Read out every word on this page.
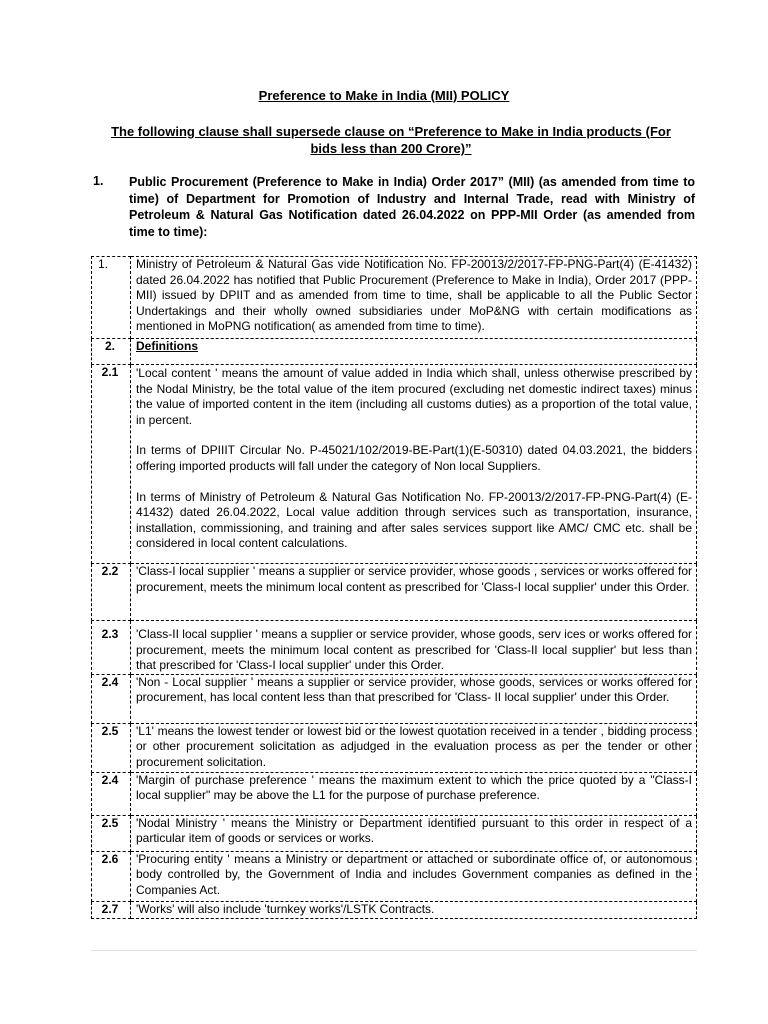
Preference to Make in India (MII) POLICY
The following clause shall supersede clause on “Preference to Make in India products (For bids less than 200 Crore)”
1. Public Procurement (Preference to Make in India) Order 2017” (MII) (as amended from time to time) of Department for Promotion of Industry and Internal Trade, read with Ministry of Petroleum & Natural Gas Notification dated 26.04.2022 on PPP-MII Order (as amended from time to time):
1.	Ministry of Petroleum & Natural Gas vide Notification No. FP-20013/2/2017-FP-PNG-Part(4) (E-41432) dated 26.04.2022 has notified that Public Procurement (Preference to Make in India), Order 2017 (PPP-MII) issued by DPIIT and as amended from time to time, shall be applicable to all the Public Sector Undertakings and their wholly owned subsidiaries under MoP&NG with certain modifications as mentioned in MoPNG notification( as amended from time to time).
2.	Definitions
2.1	'Local content ' means the amount of value added in India which shall, unless otherwise prescribed by the Nodal Ministry, be the total value of the item procured (excluding net domestic indirect taxes) minus the value of imported content in the item (including all customs duties) as a proportion of the total value, in percent.
In terms of DPIIIT Circular No. P-45021/102/2019-BE-Part(1)(E-50310) dated 04.03.2021, the bidders offering imported products will fall under the category of Non local Suppliers.
In terms of Ministry of Petroleum & Natural Gas Notification No. FP-20013/2/2017-FP-PNG-Part(4) (E-41432) dated 26.04.2022, Local value addition through services such as transportation, insurance, installation, commissioning, and training and after sales services support like AMC/ CMC etc. shall be considered in local content calculations.

2.2	'Class-I local supplier ' means a supplier or service provider, whose goods , services or works offered for procurement, meets the minimum local content as prescribed for 'Class-I local supplier' under this Order.
2.3	'Class-II local supplier ' means a supplier or service provider, whose goods, serv ices or works offered for procurement, meets the minimum local content as prescribed for 'Class-II local supplier' but less than that prescribed for 'Class-I local supplier' under this Order.
2.4	'Non - Local supplier ' means a supplier or service provider, whose goods, services or works offered for procurement, has local content less than that prescribed for 'Class- II local supplier' under this Order.
2.5	'L1' means the lowest tender or lowest bid or the lowest quotation received in a tender , bidding process or other procurement solicitation as adjudged in the evaluation process as per the tender or other procurement solicitation.
2.4	'Margin of purchase preference ' means the maximum extent to which the price quoted by a "Class-I local supplier" may be above the L1 for the purpose of purchase preference.
2.5	'Nodal Ministry ' means the Ministry or Department identified pursuant to this order in respect of a particular item of goods or services or works.
2.6	'Procuring entity ' means a Ministry or department or attached or subordinate office of, or autonomous body controlled by, the Government of India and includes Government companies as defined in the Companies Act.
2.7	'Works' will also include 'turnkey works'/LSTK Contracts.
